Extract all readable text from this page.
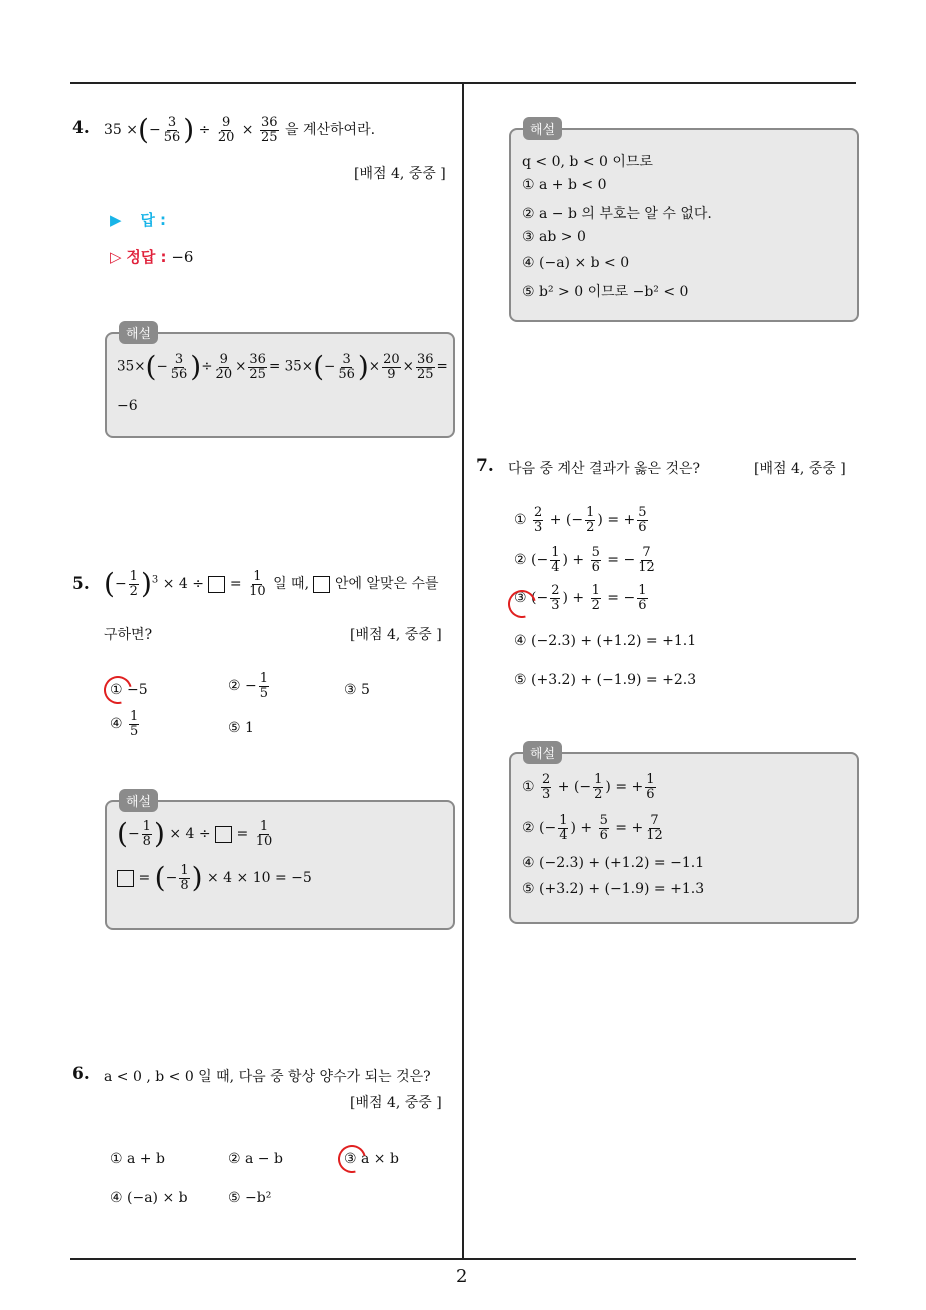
2
4. 35 ×(− $\frac{3}{56}$ ) ÷ $\frac{9}{20} \times \frac{36}{25}$ 을 계산하여라.
[배점 4, 중중 ]
▶ 답 :
▷ 정답 : −6
해설
$35\times(- \frac{3}{56}$ )÷ $\frac{9}{20} \times \frac{36}{25} = 35\times(- \frac{3}{56}$ )× $\frac{20}{9} \times \frac{36}{25}$ =
−6
5. (− $\frac{1}{2} )^3 \times 4$ ÷  = $\frac{1}{10}$ 일 때, 안에 알맞은 수를
구하면?	[배점 4, 중중 ]
① −5	② − $\frac{1}{5}$	③ 5
④ $\frac{1}{5}$	⑤ 1
해설
(− $\frac{1}{8}$ ) × 4 ÷  = $\frac{1}{10}$
= (− $\frac{1}{8}$ ) × 4 × 10 = −5
6. a < 0 , b < 0 일 때, 다음 중 항상 양수가 되는 것은?
[배점 4, 중중 ]
① a + b	② a − b	③ a × b
④ (−a) × b	⑤ −b²
해설
q < 0, b < 0 이므로
① a + b < 0
② a − b 의 부호는 알 수 없다.
③ ab > 0
④ (−a) × b < 0
⑤ b² > 0 이므로 −b² < 0
7. 다음 중 계산 결과가 옳은 것은?	[배점 4, 중중 ]
① $\frac{2}{3}$ + (− $\frac{1}{2}$ ) = + $\frac{5}{6}$
② (− $\frac{1}{4}$ ) + $\frac{5}{6}$ = − $\frac{7}{12}$
③ (− $\frac{2}{3}$ ) + $\frac{1}{2}$ = − $\frac{1}{6}$
④ (−2.3) + (+1.2) = +1.1
⑤ (+3.2) + (−1.9) = +2.3
해설
① $\frac{2}{3}$ + (− $\frac{1}{2}$ ) = + $\frac{1}{6}$
② (− $\frac{1}{4}$ ) + $\frac{5}{6}$ = + $\frac{7}{12}$
④ (−2.3) + (+1.2) = −1.1
⑤ (+3.2) + (−1.9) = +1.3
